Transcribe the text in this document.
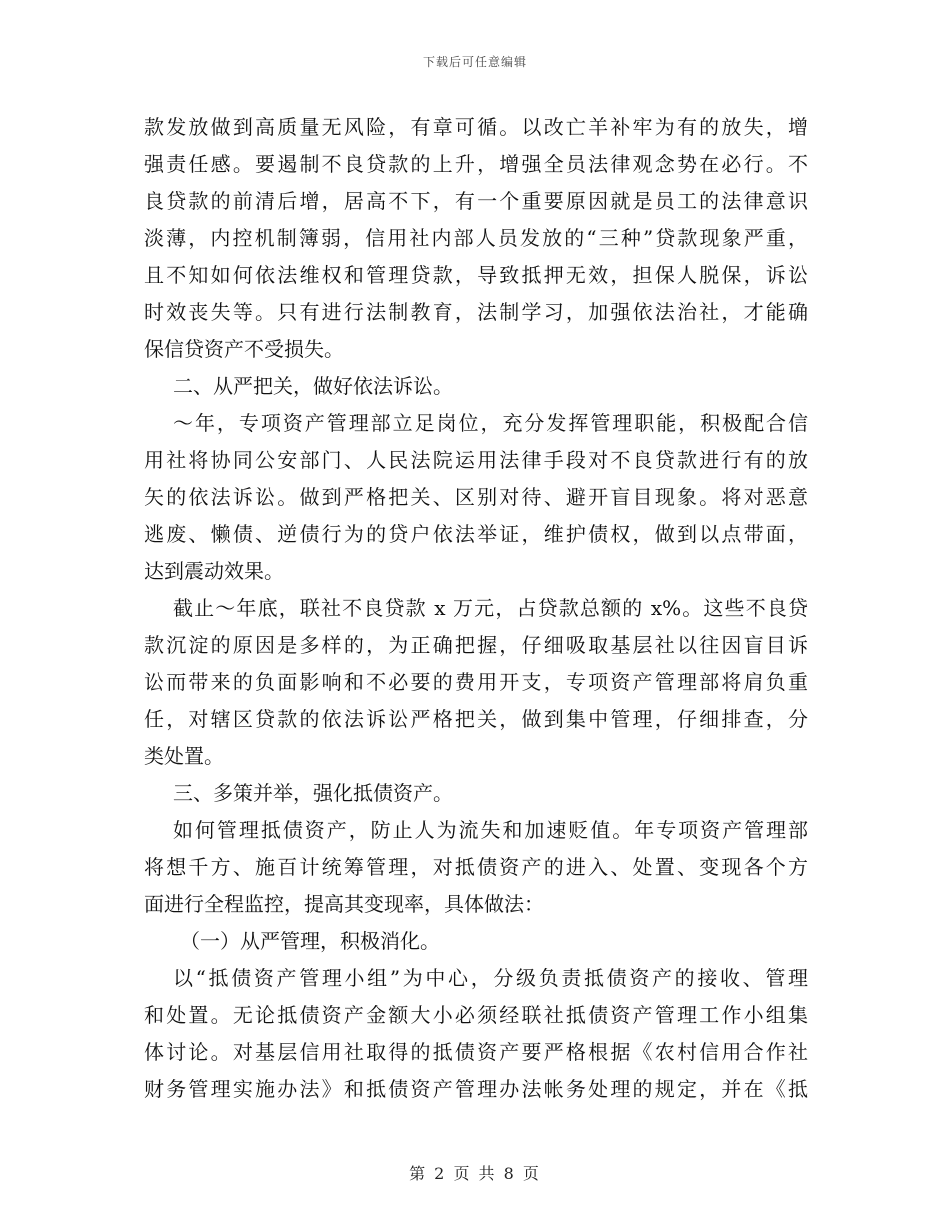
下载后可任意编辑
款发放做到高质量无风险，有章可循。以改亡羊补牢为有的放失，增
强责任感。要遏制不良贷款的上升，增强全员法律观念势在必行。不
良贷款的前清后增，居高不下，有一个重要原因就是员工的法律意识
淡薄，内控机制簿弱，信用社内部人员发放的“三种”贷款现象严重，
且不知如何依法维权和管理贷款，导致抵押无效，担保人脱保，诉讼
时效丧失等。只有进行法制教育，法制学习，加强依法治社，才能确
保信贷资产不受损失。
二、从严把关，做好依法诉讼。
～年，专项资产管理部立足岗位，充分发挥管理职能，积极配合信
用社将协同公安部门、人民法院运用法律手段对不良贷款进行有的放
矢的依法诉讼。做到严格把关、区别对待、避开盲目现象。将对恶意
逃废、懒债、逆债行为的贷户依法举证，维护债权，做到以点带面，
达到震动效果。
截止～年底，联社不良贷款 x 万元，占贷款总额的 x%。这些不良贷
款沉淀的原因是多样的，为正确把握，仔细吸取基层社以往因盲目诉
讼而带来的负面影响和不必要的费用开支，专项资产管理部将肩负重
任，对辖区贷款的依法诉讼严格把关，做到集中管理，仔细排查，分
类处置。
三、多策并举，强化抵债资产。
如何管理抵债资产，防止人为流失和加速贬值。年专项资产管理部
将想千方、施百计统筹管理，对抵债资产的进入、处置、变现各个方
面进行全程监控，提高其变现率，具体做法：
（一）从严管理，积极消化。
以“抵债资产管理小组”为中心，分级负责抵债资产的接收、管理
和处置。无论抵债资产金额大小必须经联社抵债资产管理工作小组集
体讨论。对基层信用社取得的抵债资产要严格根据《农村信用合作社
财务管理实施办法》和抵债资产管理办法帐务处理的规定，并在《抵
第 2 页 共 8 页
